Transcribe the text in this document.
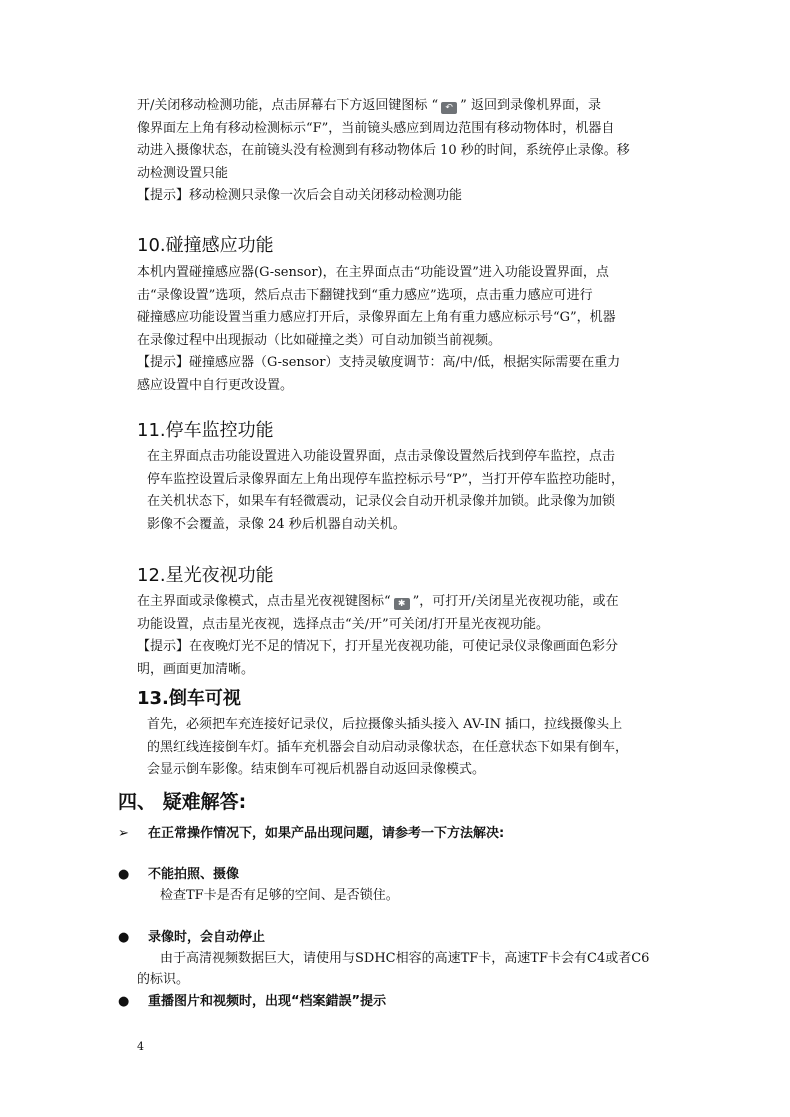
开/关闭移动检测功能，点击屏幕右下方返回键图标 “ ↶ ” 返回到录像机界面，录
像界面左上角有移动检测标示“F”，当前镜头感应到周边范围有移动物体时，机器自
动进入摄像状态，在前镜头没有检测到有移动物体后 10 秒的时间，系统停止录像。移
动检测设置只能
【提示】移动检测只录像一次后会自动关闭移动检测功能
10.碰撞感应功能
本机内置碰撞感应器(G-sensor)，在主界面点击“功能设置”进入功能设置界面，点
击“录像设置”选项，然后点击下翻键找到“重力感应”选项，点击重力感应可进行
碰撞感应功能设置当重力感应打开后，录像界面左上角有重力感应标示号“G”，机器
在录像过程中出现振动（比如碰撞之类）可自动加锁当前视频。
【提示】碰撞感应器（G-sensor）支持灵敏度调节：高/中/低，根据实际需要在重力
感应设置中自行更改设置。
11.停车监控功能
在主界面点击功能设置进入功能设置界面，点击录像设置然后找到停车监控，点击
停车监控设置后录像界面左上角出现停车监控标示号“P”，当打开停车监控功能时，
在关机状态下，如果车有轻微震动，记录仪会自动开机录像并加锁。此录像为加锁
影像不会覆盖，录像 24 秒后机器自动关机。
12.星光夜视功能
在主界面或录像模式，点击星光夜视键图标“ ✱ ”，可打开/关闭星光夜视功能，或在
功能设置，点击星光夜视，选择点击“关/开”可关闭/打开星光夜视功能。
【提示】在夜晚灯光不足的情况下，打开星光夜视功能，可使记录仪录像画面色彩分
明，画面更加清晰。
13.倒车可视
首先，必须把车充连接好记录仪，后拉摄像头插头接入 AV-IN 插口，拉线摄像头上
的黑红线连接倒车灯。插车充机器会自动启动录像状态，在任意状态下如果有倒车，
会显示倒车影像。结束倒车可视后机器自动返回录像模式。
四、 疑难解答:
➢ 在正常操作情况下，如果产品出现问题，请参考一下方法解决:
● 不能拍照、摄像
检查TF卡是否有足够的空间、是否锁住。
● 录像时，会自动停止
由于高清视频数据巨大，请使用与SDHC相容的高速TF卡，高速TF卡会有C4或者C6
的标识。
● 重播图片和视频时，出现“档案錯誤”提示
4
